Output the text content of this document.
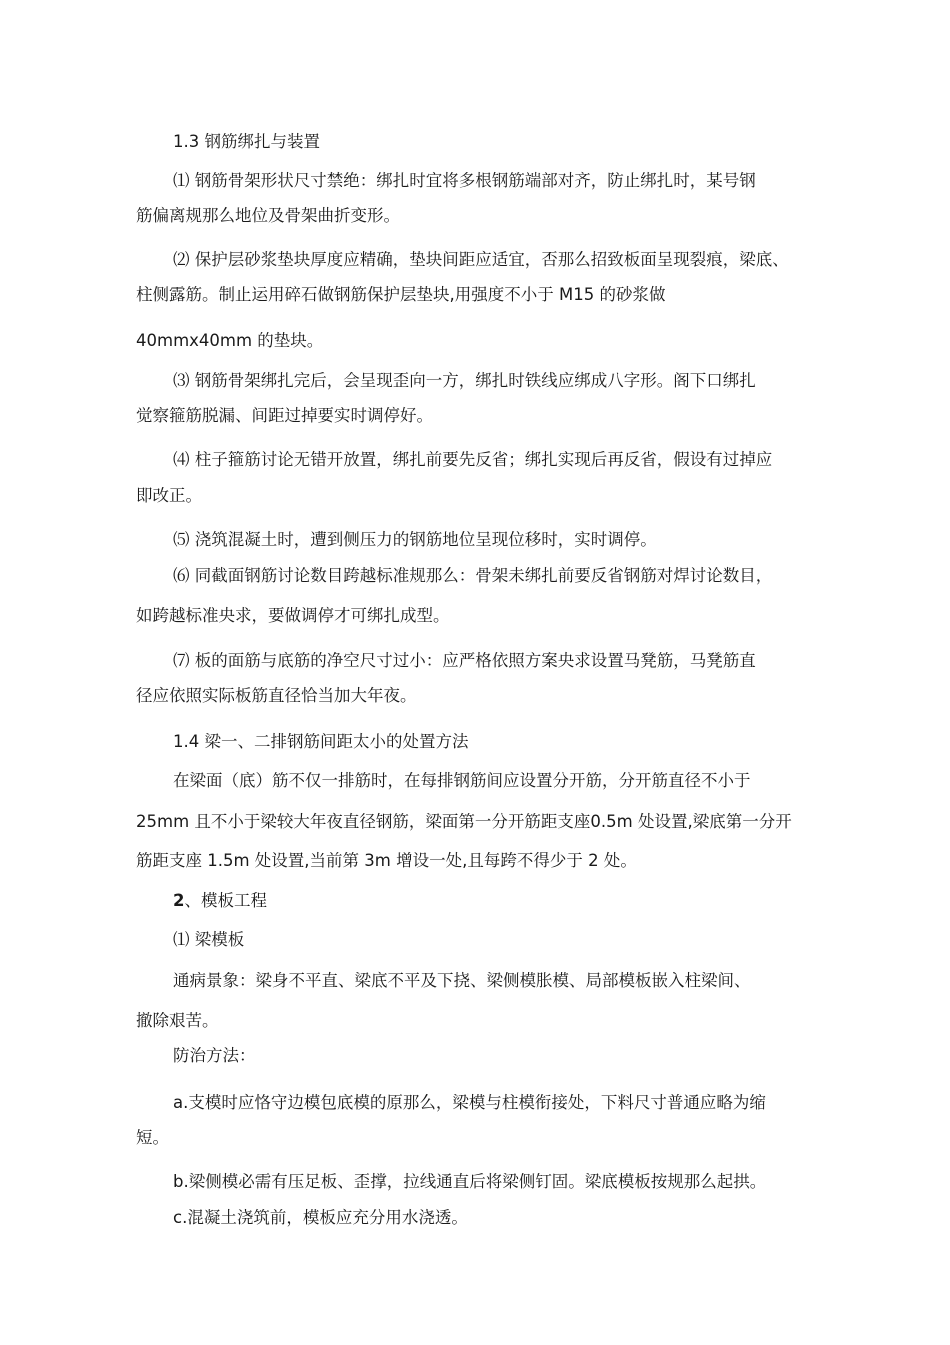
1.3 钢筋绑扎与装置
⑴ 钢筋骨架形状尺寸禁绝：绑扎时宜将多根钢筋端部对齐，防止绑扎时，某号钢
筋偏离规那么地位及骨架曲折变形。
⑵ 保护层砂浆垫块厚度应精确，垫块间距应适宜，否那么招致板面呈现裂痕，梁底、
柱侧露筋。制止运用碎石做钢筋保护层垫块,用强度不小于 M15 的砂浆做
40mmx40mm 的垫块。
⑶ 钢筋骨架绑扎完后，会呈现歪向一方，绑扎时铁线应绑成八字形。阁下口绑扎
觉察箍筋脱漏、间距过掉要实时调停好。
⑷ 柱子箍筋讨论无错开放置，绑扎前要先反省；绑扎实现后再反省，假设有过掉应
即改正。
⑸ 浇筑混凝土时，遭到侧压力的钢筋地位呈现位移时，实时调停。
⑹ 同截面钢筋讨论数目跨越标准规那么：骨架未绑扎前要反省钢筋对焊讨论数目，
如跨越标准央求，要做调停才可绑扎成型。
⑺ 板的面筋与底筋的净空尺寸过小：应严格依照方案央求设置马凳筋，马凳筋直
径应依照实际板筋直径恰当加大年夜。
1.4 梁一、二排钢筋间距太小的处置方法
在梁面（底）筋不仅一排筋时，在每排钢筋间应设置分开筋，分开筋直径不小于
25mm 且不小于梁较大年夜直径钢筋，梁面第一分开筋距支座0.5m 处设置,梁底第一分开
筋距支座 1.5m 处设置,当前第 3m 增设一处,且每跨不得少于 2 处。
2、模板工程
⑴ 梁模板
通病景象：梁身不平直、梁底不平及下挠、梁侧模胀模、局部模板嵌入柱梁间、
撤除艰苦。
防治方法：
a.支模时应恪守边模包底模的原那么，梁模与柱模衔接处，下料尺寸普通应略为缩
短。
b.梁侧模必需有压足板、歪撑，拉线通直后将梁侧钉固。梁底模板按规那么起拱。
c.混凝土浇筑前，模板应充分用水浇透。
